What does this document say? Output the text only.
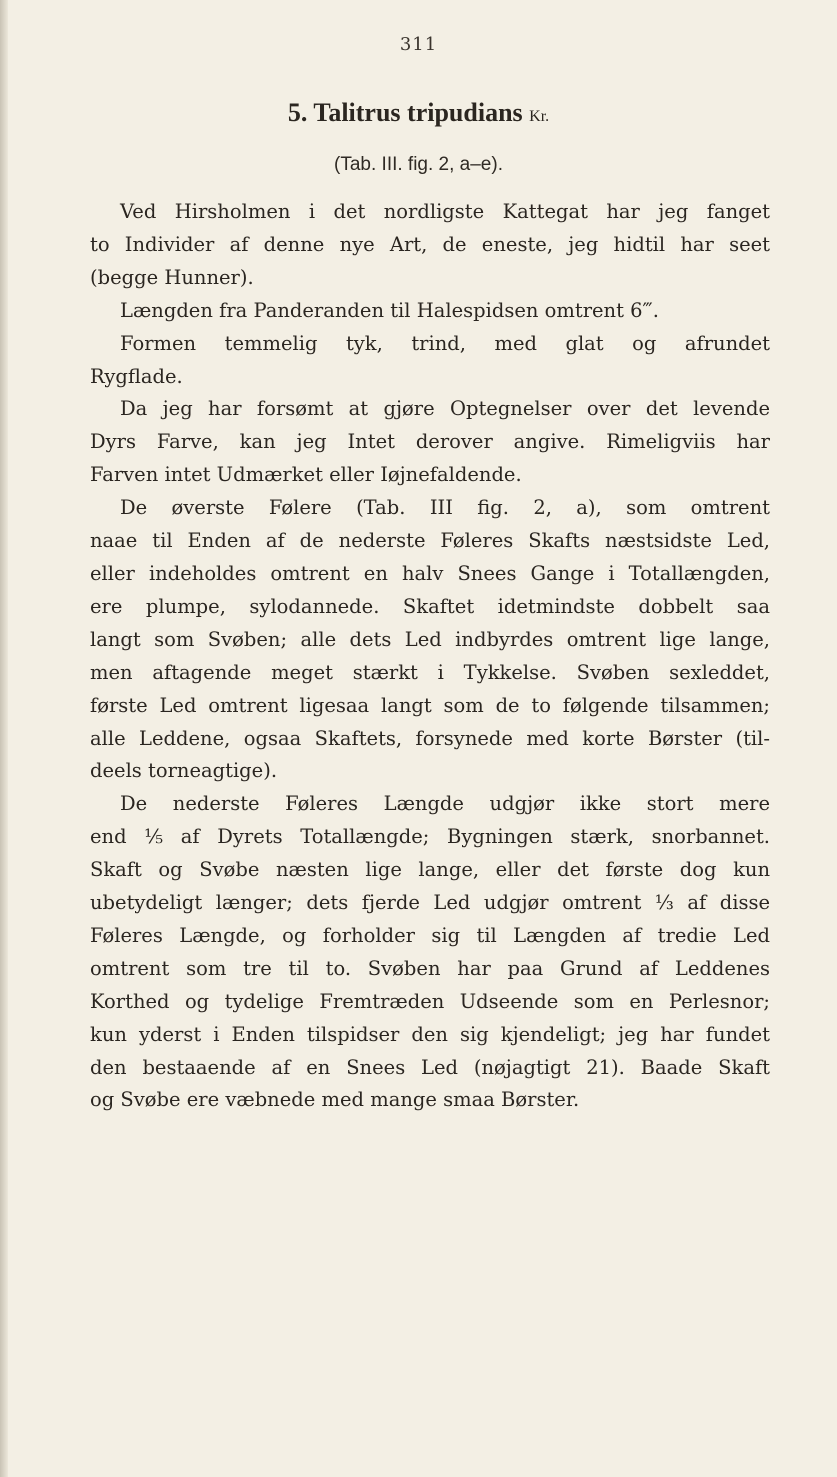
311
5. Talitrus tripudians Kr.
(Tab. III. fig. 2, a–e).
Ved Hirsholmen i det nordligste Kattegat har jeg fanget
to Individer af denne nye Art, de eneste, jeg hidtil har seet
(begge Hunner).
Længden fra Panderanden til Halespidsen omtrent 6‴.
Formen temmelig tyk, trind, med glat og afrundet
Rygflade.
Da jeg har forsømt at gjøre Optegnelser over det levende
Dyrs Farve, kan jeg Intet derover angive. Rimeligviis har
Farven intet Udmærket eller Iøjnefaldende.
De øverste Følere (Tab. III fig. 2, a), som omtrent
naae til Enden af de nederste Føleres Skafts næstsidste Led,
eller indeholdes omtrent en halv Snees Gange i Totallængden,
ere plumpe, sylodannede. Skaftet idetmindste dobbelt saa
langt som Svøben; alle dets Led indbyrdes omtrent lige lange,
men aftagende meget stærkt i Tykkelse. Svøben sexleddet,
første Led omtrent ligesaa langt som de to følgende tilsammen;
alle Leddene, ogsaa Skaftets, forsynede med korte Børster (til-
deels torneagtige).
De nederste Føleres Længde udgjør ikke stort mere
end ⅕ af Dyrets Totallængde; Bygningen stærk, snorbannet.
Skaft og Svøbe næsten lige lange, eller det første dog kun
ubetydeligt længer; dets fjerde Led udgjør omtrent ⅓ af disse
Føleres Længde, og forholder sig til Længden af tredie Led
omtrent som tre til to. Svøben har paa Grund af Leddenes
Korthed og tydelige Fremtræden Udseende som en Perlesnor;
kun yderst i Enden tilspidser den sig kjendeligt; jeg har fundet
den bestaaende af en Snees Led (nøjagtigt 21). Baade Skaft
og Svøbe ere væbnede med mange smaa Børster.
